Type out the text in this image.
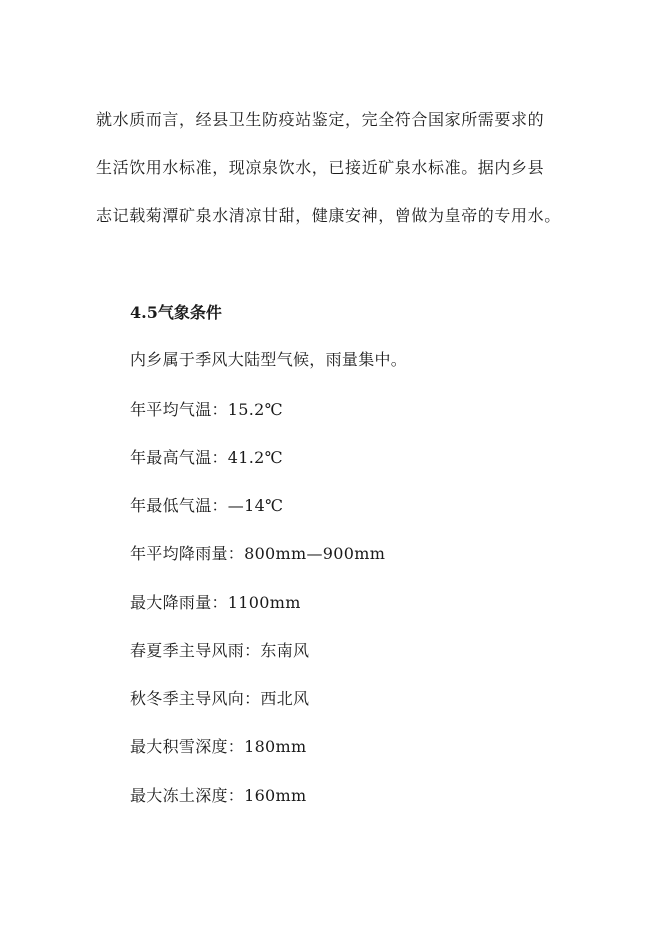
就水质而言，经县卫生防疫站鉴定，完全符合国家所需要求的
生活饮用水标准，现凉泉饮水，已接近矿泉水标准。据内乡县
志记载菊潭矿泉水清凉甘甜，健康安神，曾做为皇帝的专用水。
4.5气象条件
内乡属于季风大陆型气候，雨量集中。
年平均气温：15.2℃
年最高气温：41.2℃
年最低气温：—14℃
年平均降雨量：800mm—900mm
最大降雨量：1100mm
春夏季主导风雨：东南风
秋冬季主导风向：西北风
最大积雪深度：180mm
最大冻土深度：160mm
